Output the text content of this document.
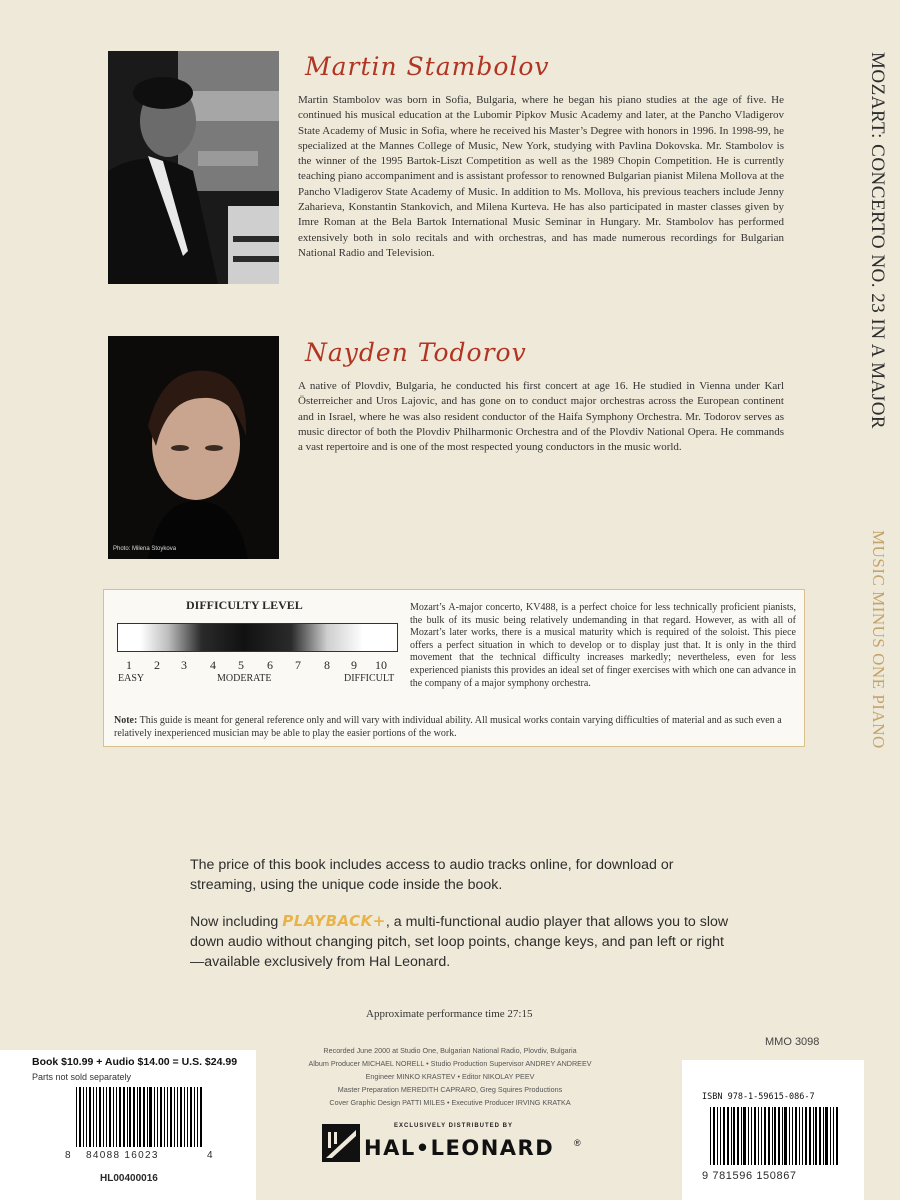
MOZART: CONCERTO NO. 23 IN A MAJOR
MUSIC MINUS ONE PIANO
Martin Stambolov
Martin Stambolov was born in Sofia, Bulgaria, where he began his piano studies at the age of five. He continued his musical education at the Lubomir Pipkov Music Academy and later, at the Pancho Vladigerov State Academy of Music in Sofia, where he received his Master’s Degree with honors in 1996. In 1998-99, he specialized at the Mannes College of Music, New York, studying with Pavlina Dokovska. Mr. Stambolov is the winner of the 1995 Bartok-Liszt Competition as well as the 1989 Chopin Competition. He is currently teaching piano accompaniment and is assistant professor to renowned Bulgarian pianist Milena Mollova at the Pancho Vladigerov State Academy of Music. In addition to Ms. Mollova, his previous teachers include Jenny Zaharieva, Konstantin Stankovich, and Milena Kurteva. He has also participated in master classes given by Imre Roman at the Bela Bartok International Music Seminar in Hungary. Mr. Stambolov has performed extensively both in solo recitals and with orchestras, and has made numerous recordings for Bulgarian National Radio and Television.
Photo: Milena Stoykova
Nayden Todorov
A native of Plovdiv, Bulgaria, he conducted his first concert at age 16. He studied in Vienna under Karl Österreicher and Uros Lajovic, and has gone on to conduct major orchestras across the European continent and in Israel, where he was also resident conductor of the Haifa Symphony Orchestra. Mr. Todorov serves as music director of both the Plovdiv Philharmonic Orchestra and of the Plovdiv National Opera. He commands a vast repertoire and is one of the most respected young conductors in the music world.
DIFFICULTY LEVEL
1 2 3 4 5 6 7 8 9 10
EASY	MODERATE	DIFFICULT
Mozart’s A-major concerto, KV488, is a perfect choice for less technically proficient pianists, the bulk of its music being relatively undemanding in that regard. However, as with all of Mozart’s later works, there is a musical maturity which is required of the soloist. This piece offers a perfect situation in which to develop or to display just that. It is only in the third movement that the technical difficulty increases markedly; nevertheless, even for less experienced pianists this provides an ideal set of finger exercises with which one can advance in the company of a major symphony orchestra.
Note: This guide is meant for general reference only and will vary with individual ability. All musical works contain varying difficulties of material and as such even a relatively inexperienced musician may be able to play the easier portions of the work.
The price of this book includes access to audio tracks online, for download or streaming, using the unique code inside the book.
Now including PLAYBACK+, a multi-functional audio player that allows you to slow down audio without changing pitch, set loop points, change keys, and pan left or right—available exclusively from Hal Leonard.
Approximate performance time 27:15
MMO 3098
Recorded June 2000 at Studio One, Bulgarian National Radio, Plovdiv, Bulgaria
Album Producer MICHAEL NORELL • Studio Production Supervisor ANDREY ANDREEV
Engineer MINKO KRASTEV • Editor NIKOLAY PEEV
Master Preparation MEREDITH CAPRARO, Greg Squires Productions
Cover Graphic Design PATTI MILES • Executive Producer IRVING KRATKA
Book $10.99 + Audio $14.00 = U.S. $24.99
Parts not sold separately
8 84088 16023	4
HL00400016
ISBN 978-1-59615-086-7
9 781596 150867
EXCLUSIVELY DISTRIBUTED BY
HAL•LEONARD ®
